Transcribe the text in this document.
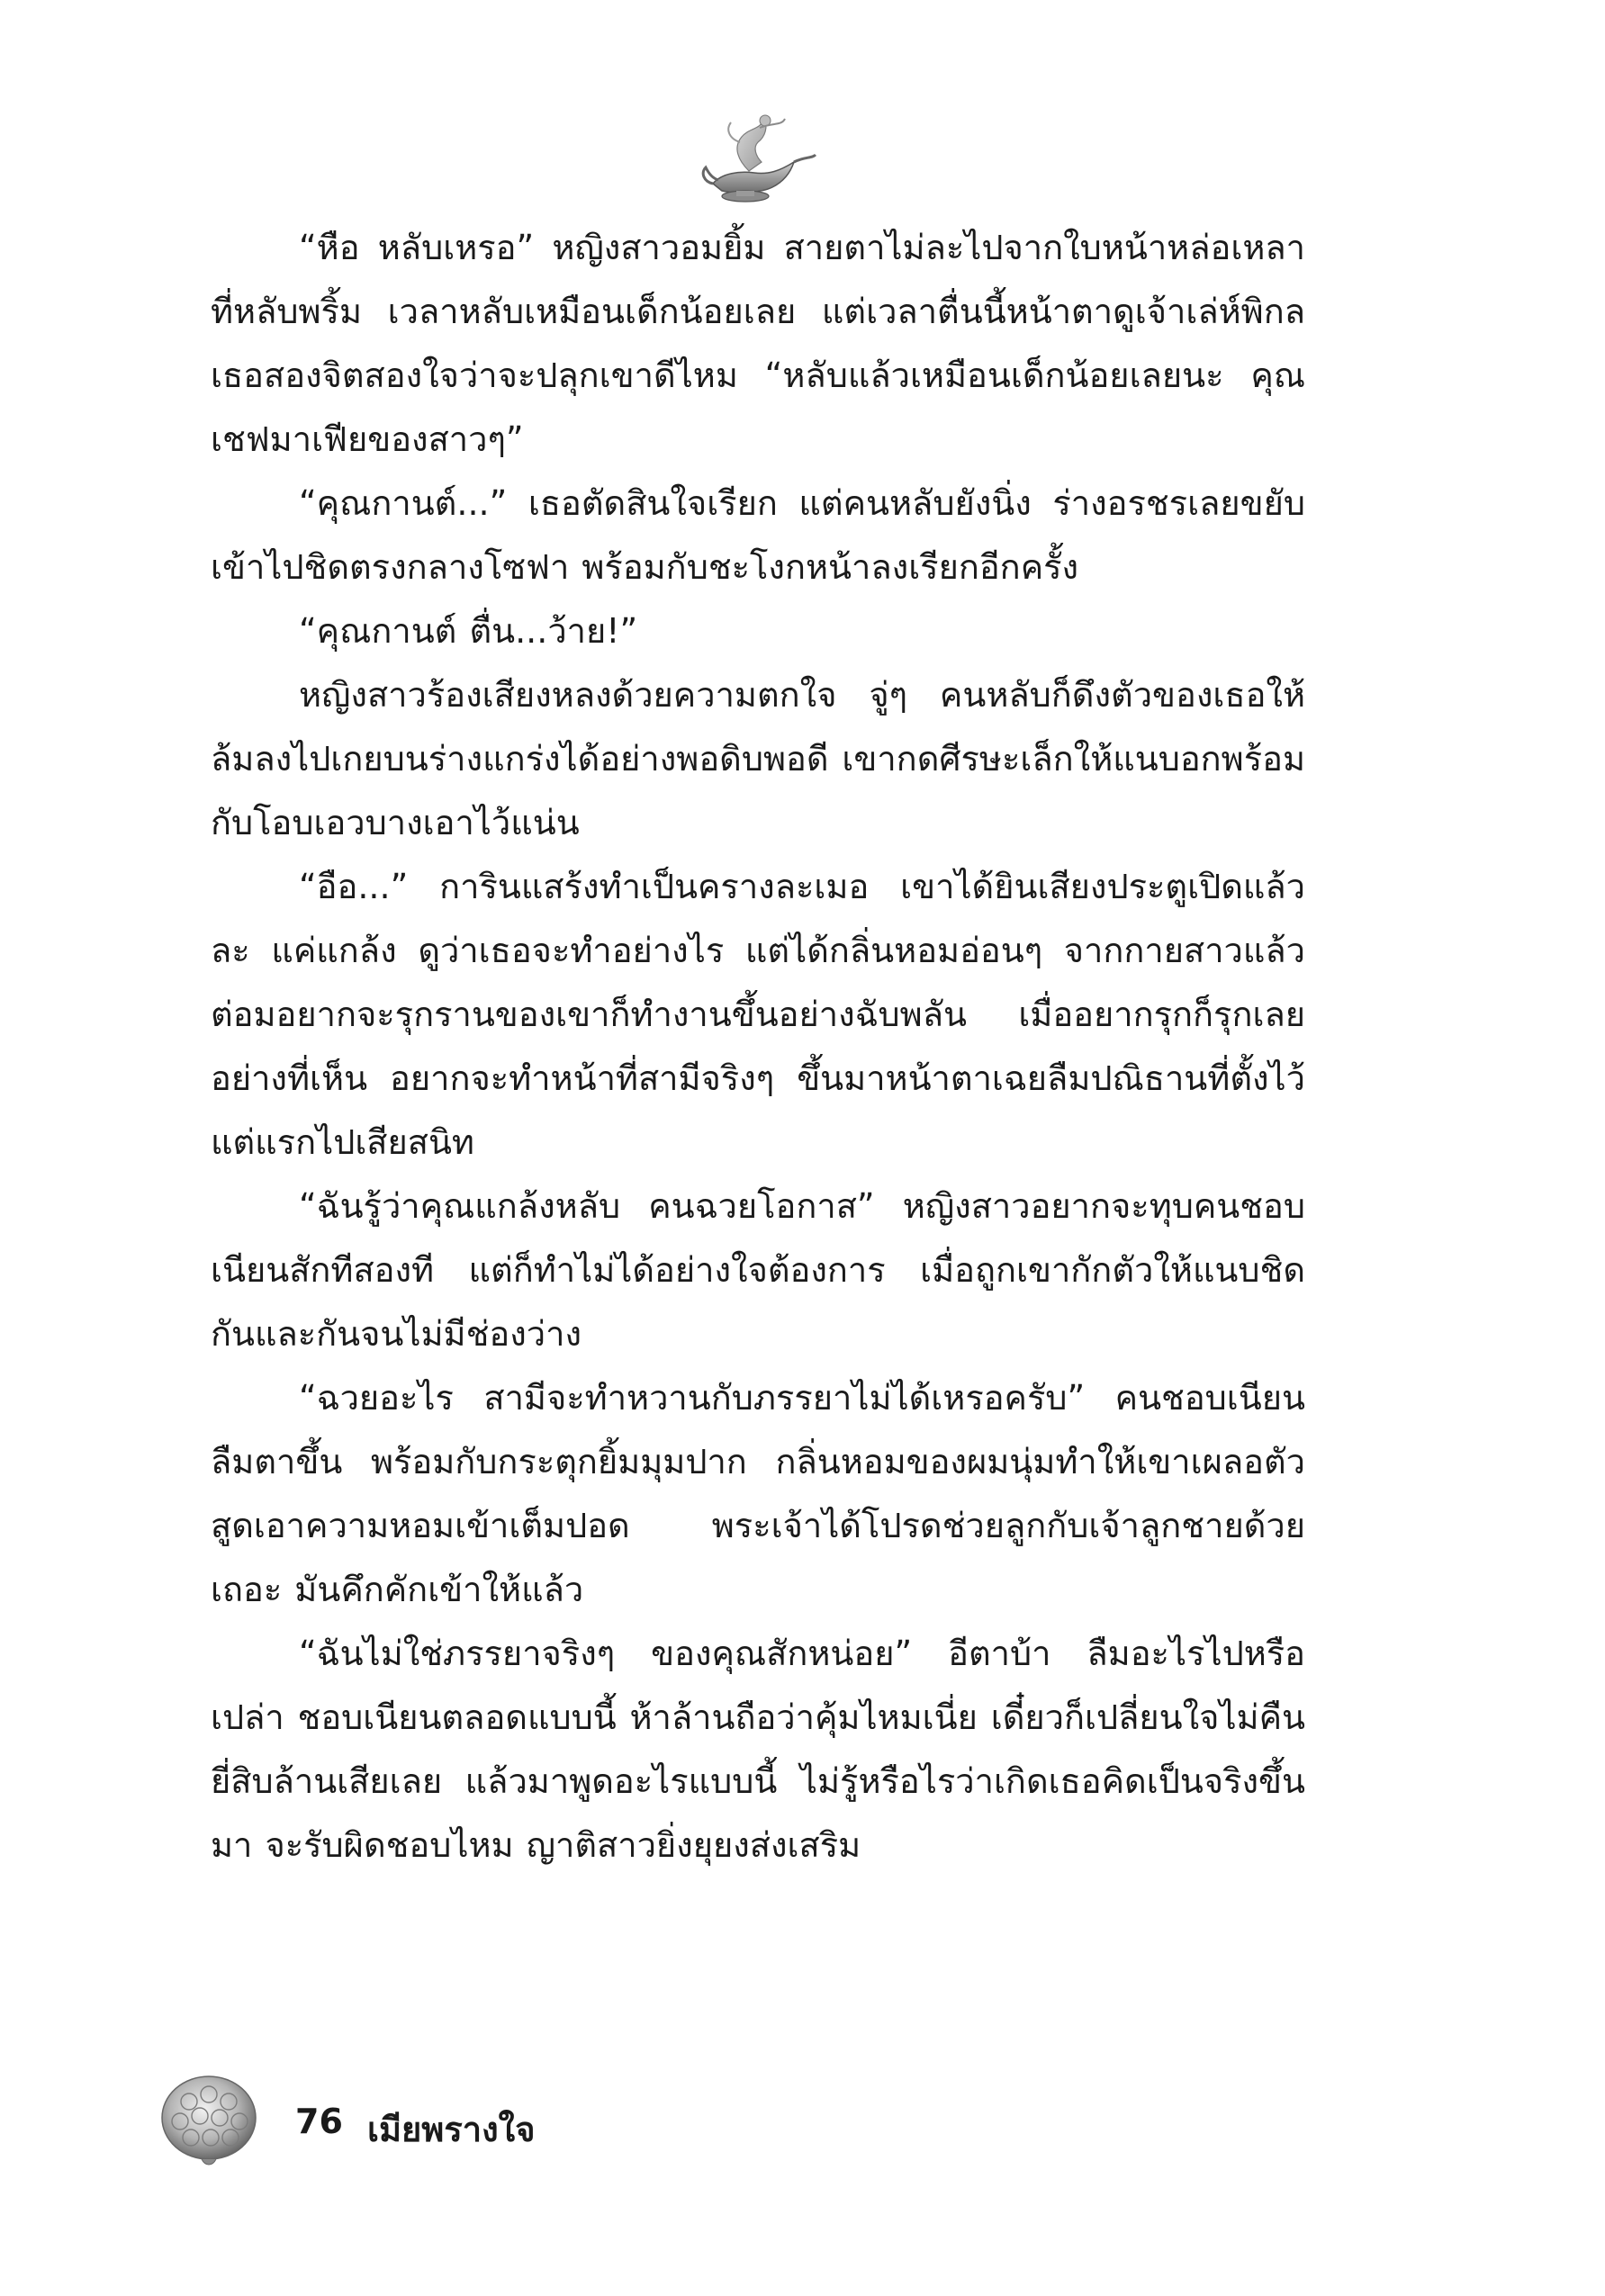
“หือ หลับเหรอ” หญิงสาวอมยิ้ม สายตาไม่ละไปจากใบหน้าหล่อเหลาที่หลับพริ้ม เวลาหลับเหมือนเด็กน้อยเลย แต่เวลาตื่นนี้หน้าตาดูเจ้าเล่ห์พิกล เธอสองจิตสองใจว่าจะปลุกเขาดีไหม “หลับแล้วเหมือนเด็กน้อยเลยนะ คุณเชฟมาเฟียของสาวๆ”

“คุณกานต์...” เธอตัดสินใจเรียก แต่คนหลับยังนิ่ง ร่างอรชรเลยขยับเข้าไปชิดตรงกลางโซฟา พร้อมกับชะโงกหน้าลงเรียกอีกครั้ง

“คุณกานต์ ตื่น...ว้าย!”

หญิงสาวร้องเสียงหลงด้วยความตกใจ จู่ๆ คนหลับก็ดึงตัวของเธอให้ล้มลงไปเกยบนร่างแกร่งได้อย่างพอดิบพอดี เขากดศีรษะเล็กให้แนบอกพร้อมกับโอบเอวบางเอาไว้แน่น

“อือ...” การินแสร้งทำเป็นครางละเมอ เขาได้ยินเสียงประตูเปิดแล้วละ แค่แกล้ง ดูว่าเธอจะทำอย่างไร แต่ได้กลิ่นหอมอ่อนๆ จากกายสาวแล้วต่อมอยากจะรุกรานของเขาก็ทำงานขึ้นอย่างฉับพลัน เมื่ออยากรุกก็รุกเลยอย่างที่เห็น อยากจะทำหน้าที่สามีจริงๆ ขึ้นมาหน้าตาเฉยลืมปณิธานที่ตั้งไว้แต่แรกไปเสียสนิท

“ฉันรู้ว่าคุณแกล้งหลับ คนฉวยโอกาส” หญิงสาวอยากจะทุบคนชอบเนียนสักทีสองที แต่ก็ทำไม่ได้อย่างใจต้องการ เมื่อถูกเขากักตัวให้แนบชิดกันและกันจนไม่มีช่องว่าง

“ฉวยอะไร สามีจะทำหวานกับภรรยาไม่ได้เหรอครับ” คนชอบเนียนลืมตาขึ้น พร้อมกับกระตุกยิ้มมุมปาก กลิ่นหอมของผมนุ่มทำให้เขาเผลอตัวสูดเอาความหอมเข้าเต็มปอด พระเจ้าได้โปรดช่วยลูกกับเจ้าลูกชายด้วยเถอะ มันคึกคักเข้าให้แล้ว

“ฉันไม่ใช่ภรรยาจริงๆ ของคุณสักหน่อย” อีตาบ้า ลืมอะไรไปหรือเปล่า ชอบเนียนตลอดแบบนี้ ห้าล้านถือว่าคุ้มไหมเนี่ย เดี๋ยวก็เปลี่ยนใจไม่คืนยี่สิบล้านเสียเลย แล้วมาพูดอะไรแบบนี้ ไม่รู้หรือไรว่าเกิดเธอคิดเป็นจริงขึ้นมา จะรับผิดชอบไหม ญาติสาวยิ่งยุยงส่งเสริม

76 เมียพรางใจ
